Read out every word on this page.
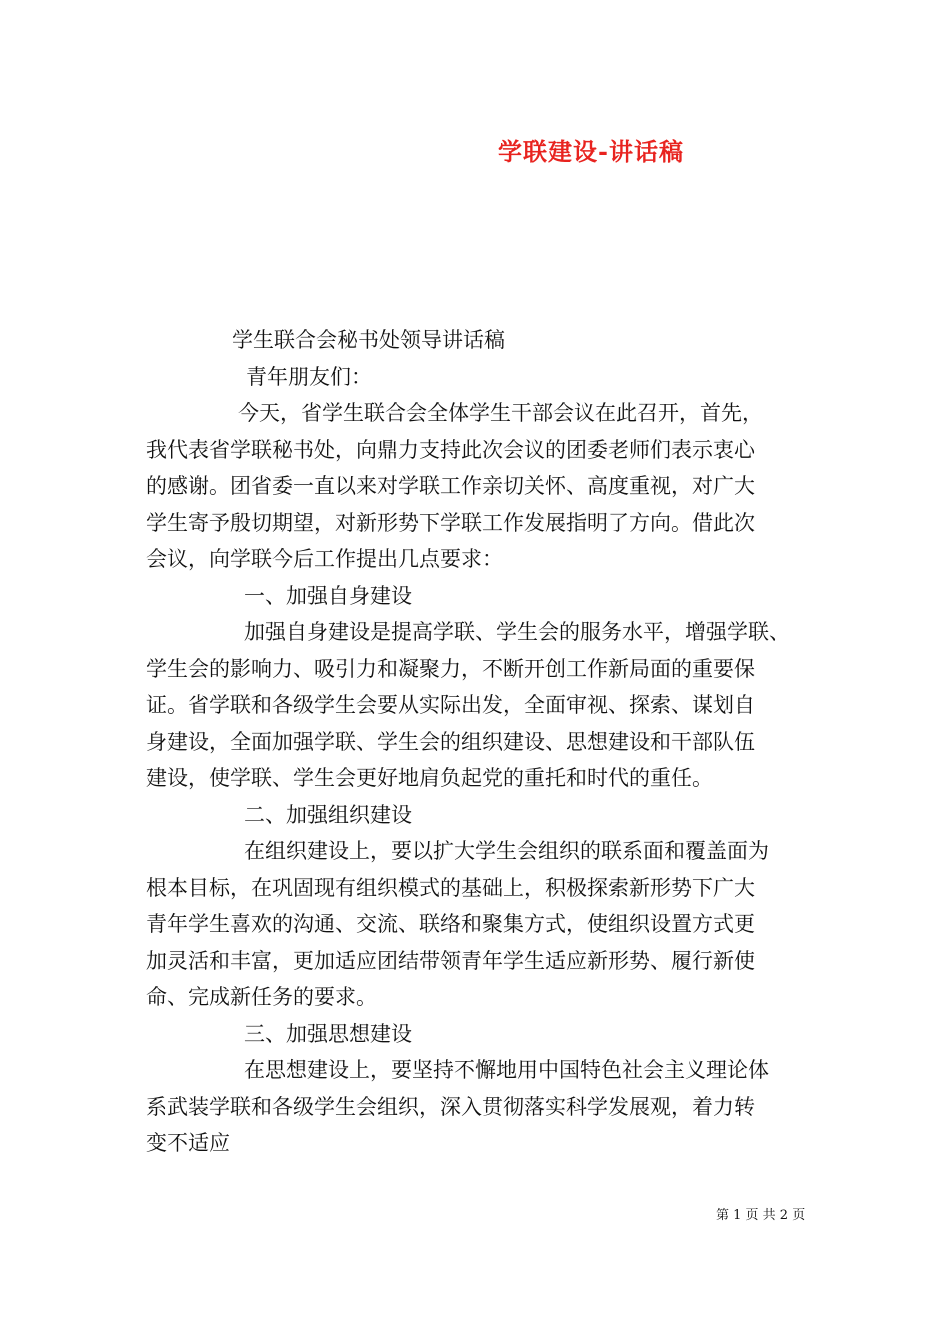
学联建设-讲话稿
学生联合会秘书处领导讲话稿
青年朋友们：
今天，省学生联合会全体学生干部会议在此召开，首先，
我代表省学联秘书处，向鼎力支持此次会议的团委老师们表示衷心
的感谢。团省委一直以来对学联工作亲切关怀、高度重视，对广大
学生寄予殷切期望，对新形势下学联工作发展指明了方向。借此次
会议，向学联今后工作提出几点要求：
一、加强自身建设
加强自身建设是提高学联、学生会的服务水平，增强学联、
学生会的影响力、吸引力和凝聚力，不断开创工作新局面的重要保
证。省学联和各级学生会要从实际出发，全面审视、探索、谋划自
身建设，全面加强学联、学生会的组织建设、思想建设和干部队伍
建设，使学联、学生会更好地肩负起党的重托和时代的重任。
二、加强组织建设
在组织建设上，要以扩大学生会组织的联系面和覆盖面为
根本目标，在巩固现有组织模式的基础上，积极探索新形势下广大
青年学生喜欢的沟通、交流、联络和聚集方式，使组织设置方式更
加灵活和丰富，更加适应团结带领青年学生适应新形势、履行新使
命、完成新任务的要求。
三、加强思想建设
在思想建设上，要坚持不懈地用中国特色社会主义理论体
系武装学联和各级学生会组织，深入贯彻落实科学发展观，着力转
变不适应
第 1 页 共 2 页
